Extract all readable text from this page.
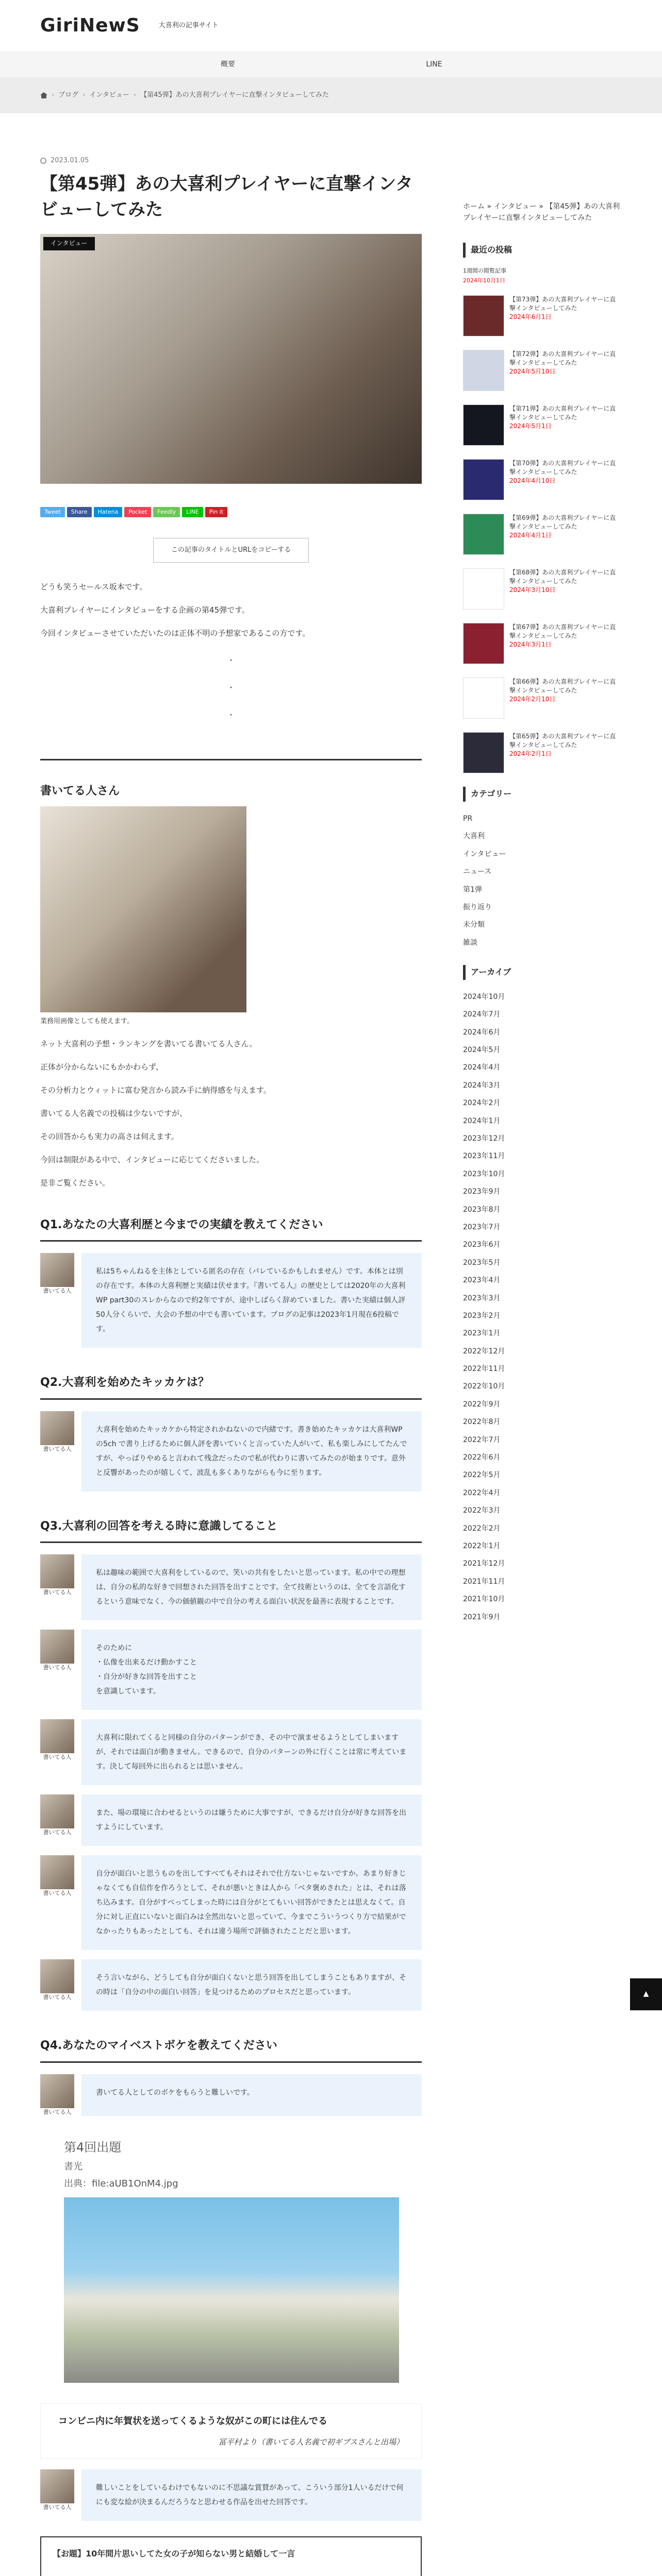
GiriNewS	大喜利の記事サイト
概要	LINE
› ブログ › インタビュー › 【第45弾】あの大喜利プレイヤーに直撃インタビューしてみた
2023.01.05
【第45弾】あの大喜利プレイヤーに直撃インタビューしてみた
インタビュー
Tweet	Share	Hatena	Pocket	Feedly	LINE	Pin it
この記事のタイトルとURLをコピーする

どうも笑うセールス坂本です。

大喜利プレイヤーにインタビューをする企画の第45弾です。

今回インタビューさせていただいたのは正体不明の予想家であるこの方です。

・
・
・
書いてる人さん

業務用画像としても使えます。

ネット大喜利の予想・ランキングを書いてる書いてる人さん。

正体が分からないにもかかわらず、

その分析力とウィットに富む発言から読み手に納得感を与えます。

書いてる人名義での投稿は少ないですが、

その回答からも実力の高さは伺えます。

今回は制限がある中で、インタビューに応じてくださいました。

是非ご覧ください。

Q1.あなたの大喜利歴と今までの実績を教えてください
書いてる人
私は5ちゃんねるを主体としている匿名の存在（パレているかもしれません）です。本体とは別の存在です。本体の大喜利歴と実績は伏せます。『書いてる人』の歴史としては2020年の大喜利WP part30のスレからなので約2年ですが、途中しばらく辞めていました。書いた実績は個人評50人分くらいで、大会の予想の中でも書いています。ブログの記事は2023年1月現在6投稿です。
Q2.大喜利を始めたキッカケは？
書いてる人
大喜利を始めたキッカケから特定されかねないので内緒です。書き始めたキッカケは大喜利WPの5ch で書り上げるために個人評を書いていくと言っていた人がいて、私も楽しみにしてたんですが、やっぱりやめると言われて残念だったので私が代わりに書いてみたのが始まりです。意外と反響があったのが嬉しくて、波乱も多くありながらも今に至ります。
Q3.大喜利の回答を考える時に意識してること
書いてる人
私は趣味の範囲で大喜利をしているので、笑いの共有をしたいと思っています。私の中での理想は、自分の私的な好きで回想された回答を出すことです。全て技術というのは、全てを言語化するという意味でなく、今の価値観の中で自分の考える面白い状況を最善に表現することです。
書いてる人
そのために
・仏像を出来るだけ動かすこと
・自分が好きな回答を出すこと
を意識しています。
書いてる人
大喜利に限れてくると同様の自分のパターンができ、その中で演ませるようとしてしまいますが、それでは面白が動きません。できるので、自分のパターンの外に行くことは常に考えています。決して毎回外に出られるとは思いません。
書いてる人
また、場の環境に合わせるというのは嫌うために大事ですが、できるだけ自分が好きな回答を出すようにしています。
書いてる人
自分が面白いと思うものを出してすべてもそれはそれで仕方ないじゃないですか。あまり好きじゃなくても自信作を作ろうとして、それが悪いときは人から「ベタ褒めされた」とは、それは落ち込みます。自分がすべってしまった時には自分がとてもいい回答ができたとは思えなくて。自分に対し正直にいないと面白みは全然出ないと思っていて、今までこういうつくり方で結果がでなかったりもあったとしても、それは違う場所で評価されたことだと思います。
書いてる人
そう言いながら、どうしても自分が面白くないと思う回答を出してしまうこともありますが、その時は「自分の中の面白い回答」を見つけるためのプロセスだと思っています。
Q4.あなたのマイベストボケを教えてください
書いてる人
書いてる人としてのボケをもらうと難しいです。
第4回出題
書光
出典：file:aUB1OnM4.jpg
コンビニ内に年賀状を送ってくるような奴がこの町には住んでる
冨平村より（書いてる人名義で初ギブスさんと出場）
書いてる人
難しいことをしているわけでもないのに不思議な賞賛があって、こういう部分1人いるだけで何にも変な絵が決まるんだろうなと思わせる作品を出せた回答です。
【お題】10年間片思いしてた女の子が知らない男と結婚して一言
ホーム » インタビュー » 【第45弾】あの大喜利プレイヤーに直撃インタビューしてみた
最近の投稿
1週間の閲覧記事
2024年10月1日
【第73弾】あの大喜利プレイヤーに直撃インタビューしてみた
2024年6月1日
【第72弾】あの大喜利プレイヤーに直撃インタビューしてみた
2024年5月10日
【第71弾】あの大喜利プレイヤーに直撃インタビューしてみた
2024年5月1日
【第70弾】あの大喜利プレイヤーに直撃インタビューしてみた
2024年4月10日
【第69弾】あの大喜利プレイヤーに直撃インタビューしてみた
2024年4月1日
【第68弾】あの大喜利プレイヤーに直撃インタビューしてみた
2024年3月10日
【第67弾】あの大喜利プレイヤーに直撃インタビューしてみた
2024年3月1日
【第66弾】あの大喜利プレイヤーに直撃インタビューしてみた
2024年2月10日
【第65弾】あの大喜利プレイヤーに直撃インタビューしてみた
2024年2月1日
カテゴリー
PR
大喜利
インタビュー
ニュース
第1弾
振り返り
未分類
雑談
アーカイブ
2024年10月
2024年7月
2024年6月
2024年5月
2024年4月
2024年3月
2024年2月
2024年1月
2023年12月
2023年11月
2023年10月
2023年9月
2023年8月
2023年7月
2023年6月
2023年5月
2023年4月
2023年3月
2023年2月
2023年1月
2022年12月
2022年11月
2022年10月
2022年9月
2022年8月
2022年7月
2022年6月
2022年5月
2022年4月
2022年3月
2022年2月
2022年1月
2021年12月
2021年11月
2021年10月
2021年9月
▲
